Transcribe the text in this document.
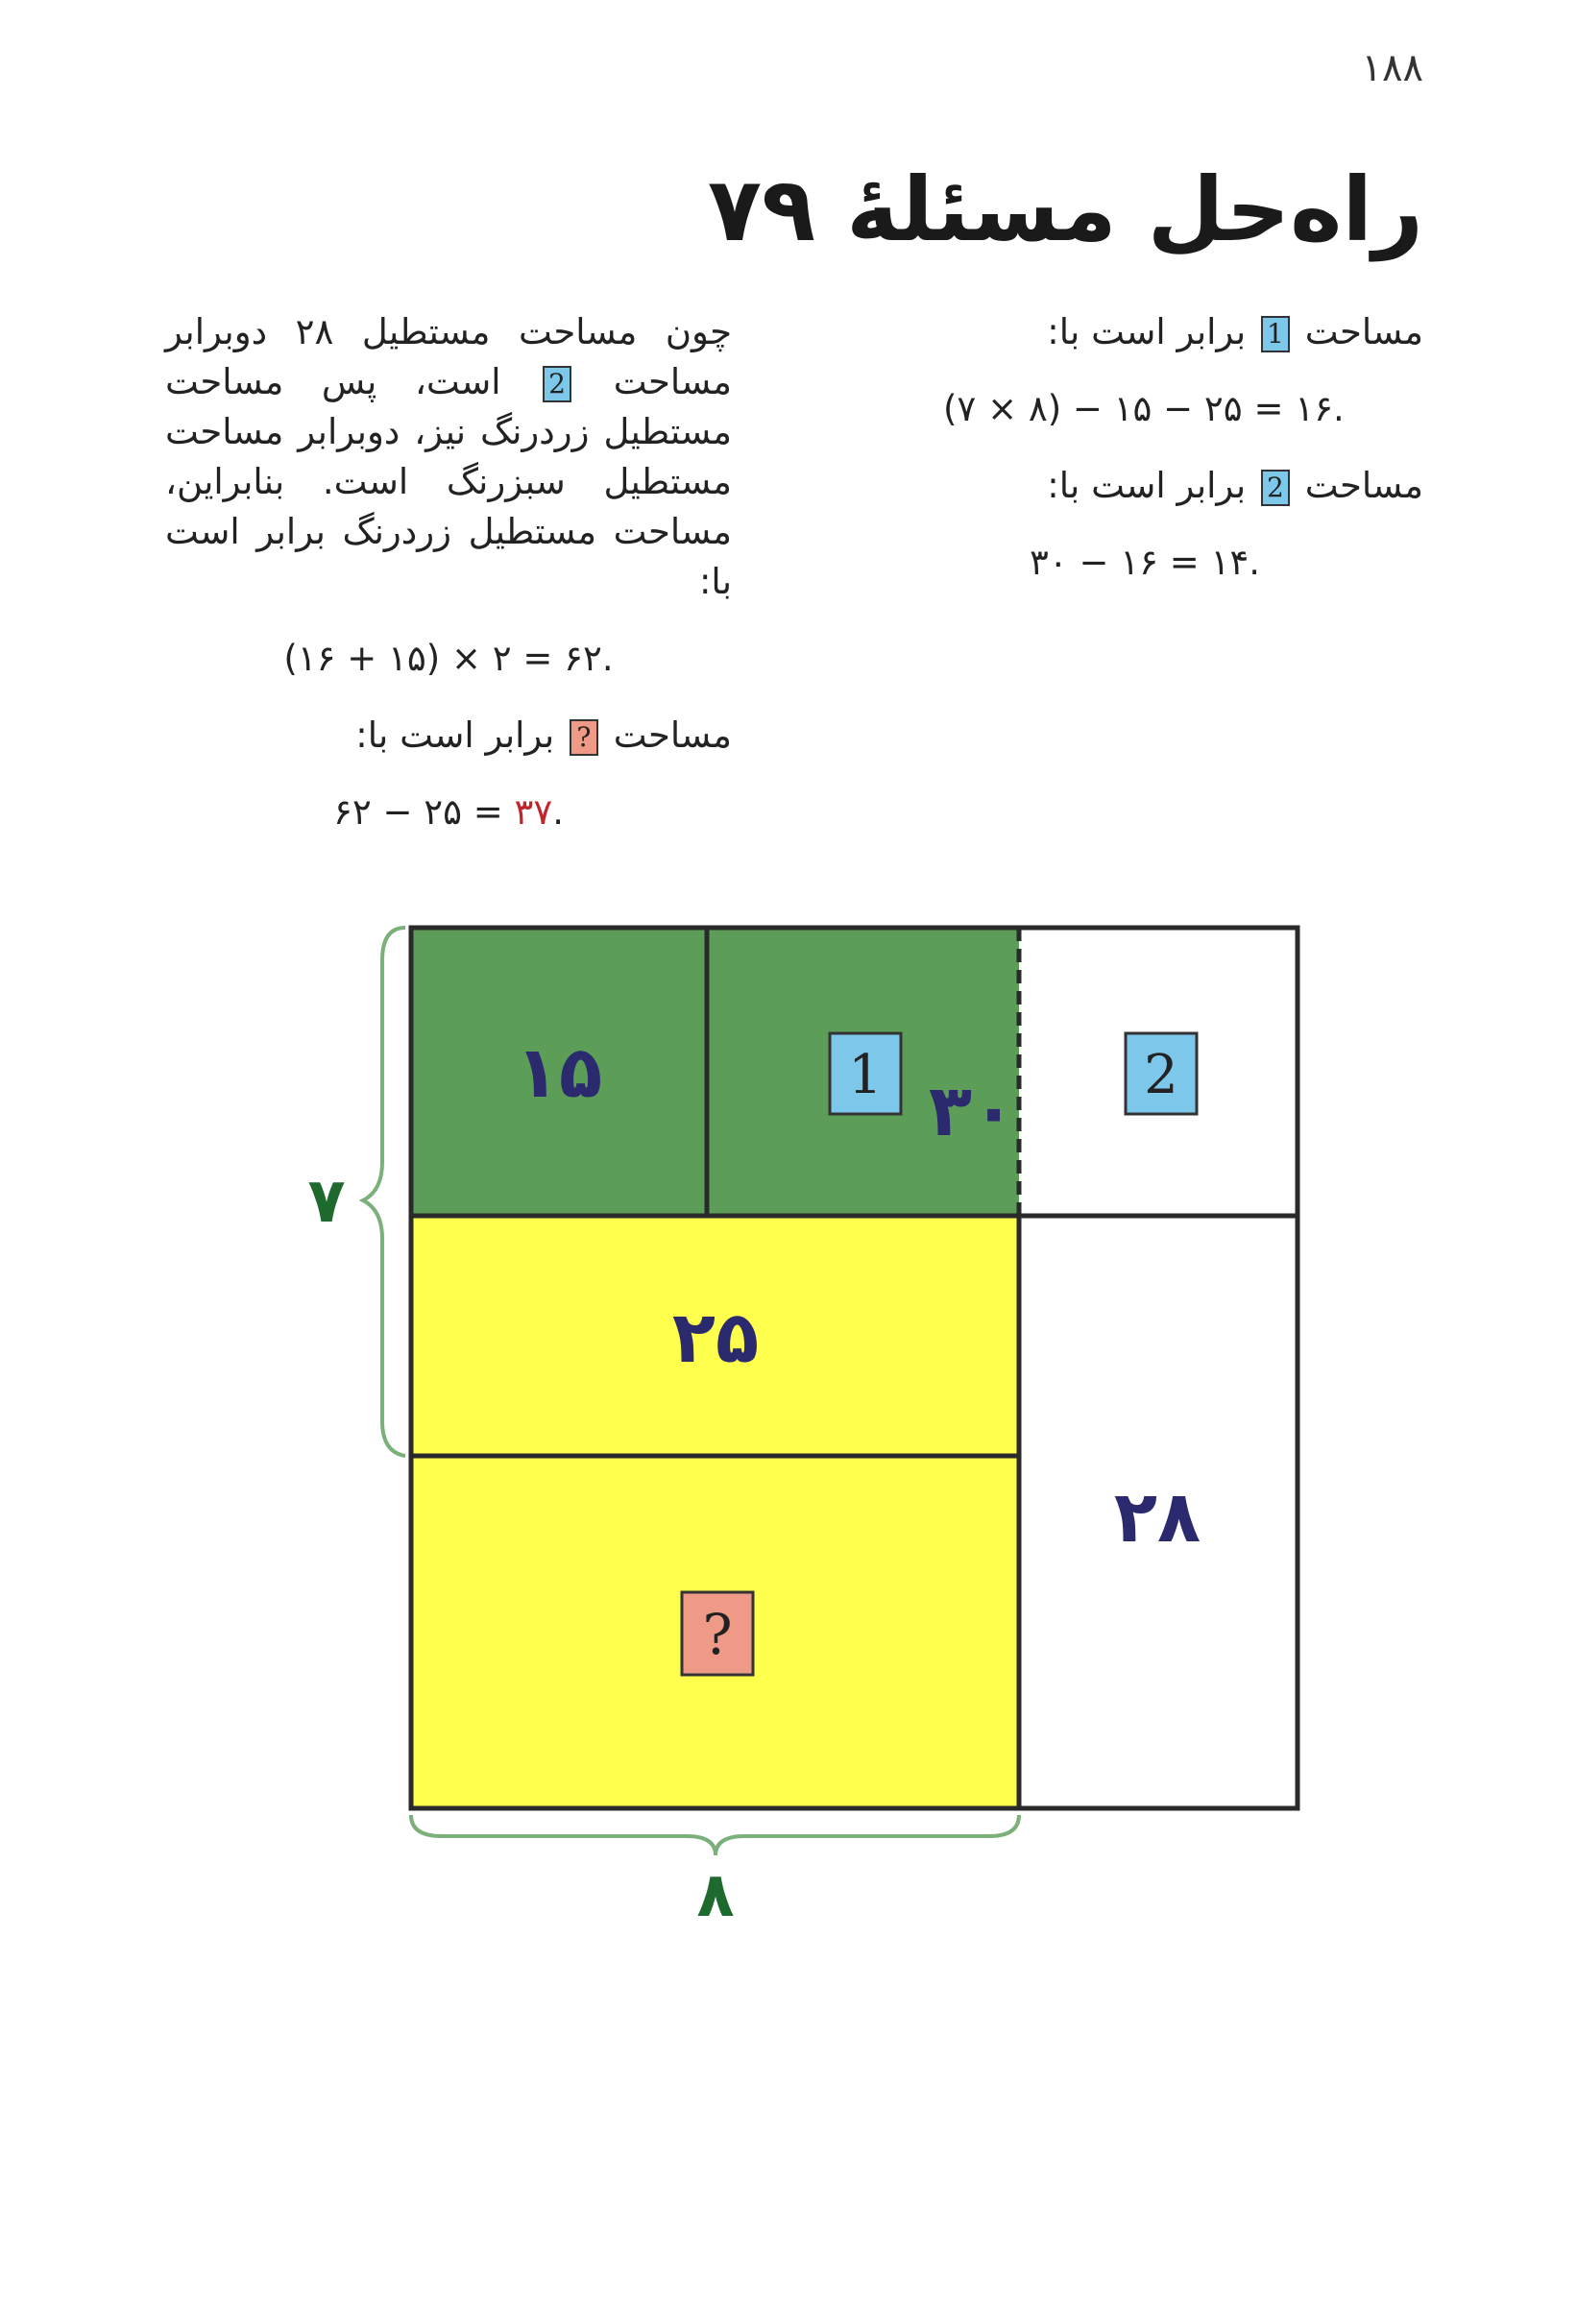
۱۸۸
راه‌حل مسئلهٔ ۷۹

مساحت 1 برابر است با:

(۷ × ۸) − ۱۵ − ۲۵ = ۱۶.

مساحت 2 برابر است با:

۳۰ − ۱۶ = ۱۴.

چون مساحت مستطیل ۲۸ دوبرابر مساحت 2 است، پس مساحت مستطیل زردرنگ نیز، دوبرابر مساحت مستطیل سبزرنگ است. بنابراین، مساحت مستطیل زردرنگ برابر است با:

(۱۶ + ۱۵) × ۲ = ۶۲.

مساحت ? برابر است با:

۶۲ − ۲۵ = ۳۷.
۱۵	۳۰
۲۵
۲۸
۷
۸
1	2
?
